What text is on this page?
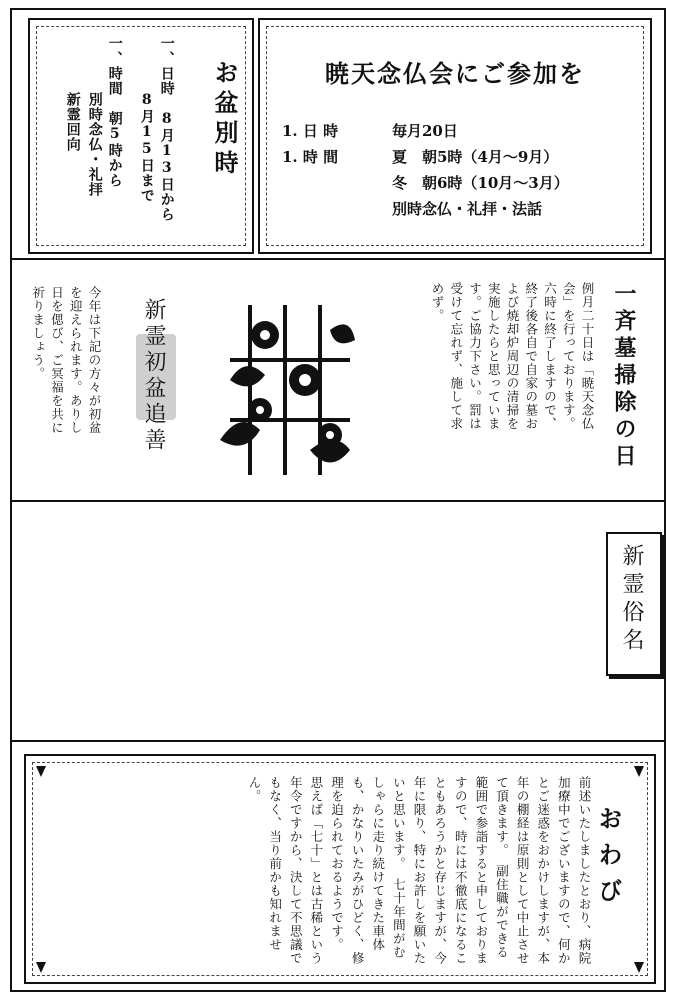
お盆別時
一、日時　8月13日から
8月15日まで
一、時間　朝5時から
別時念仏・礼拝
新霊回向
暁天念仏会にご参加を
1. 日 時	毎月20日
1. 時 間	夏　朝5時（4月〜9月）
冬　朝6時（10月〜3月）
別時念仏・礼拝・法話
一斉墓掃除の日
例月二十日は「暁天念仏会」を行っております。六時に終了しますので、終了後各自で自家の墓および焼却炉周辺の清掃を実施したらと思っています。ご協力下さい。罰は受けて忘れず、施して求めず。
新霊初盆追善
今年は下記の方々が初盆を迎えられます。ありし日を偲び、ご冥福を共に祈りましょう。
新霊俗名
おわび
前述いたしましたとおり、病院加療中でございますので、何かとご迷惑をおかけしますが、本年の棚経は原則として中止させて頂きます。　副住職ができる範囲で参詣すると申しておりますので、時には不徹底になることもあろうかと存じますが、今年に限り、特にお許しを願いたいと思います。　七十年間がむしゃらに走り続けてきた車体も、かなりいたみがひどく、修理を迫られておるようです。　思えば「七十」とは古稀という年令ですから、決して不思議でもなく、当り前かも知れません。
